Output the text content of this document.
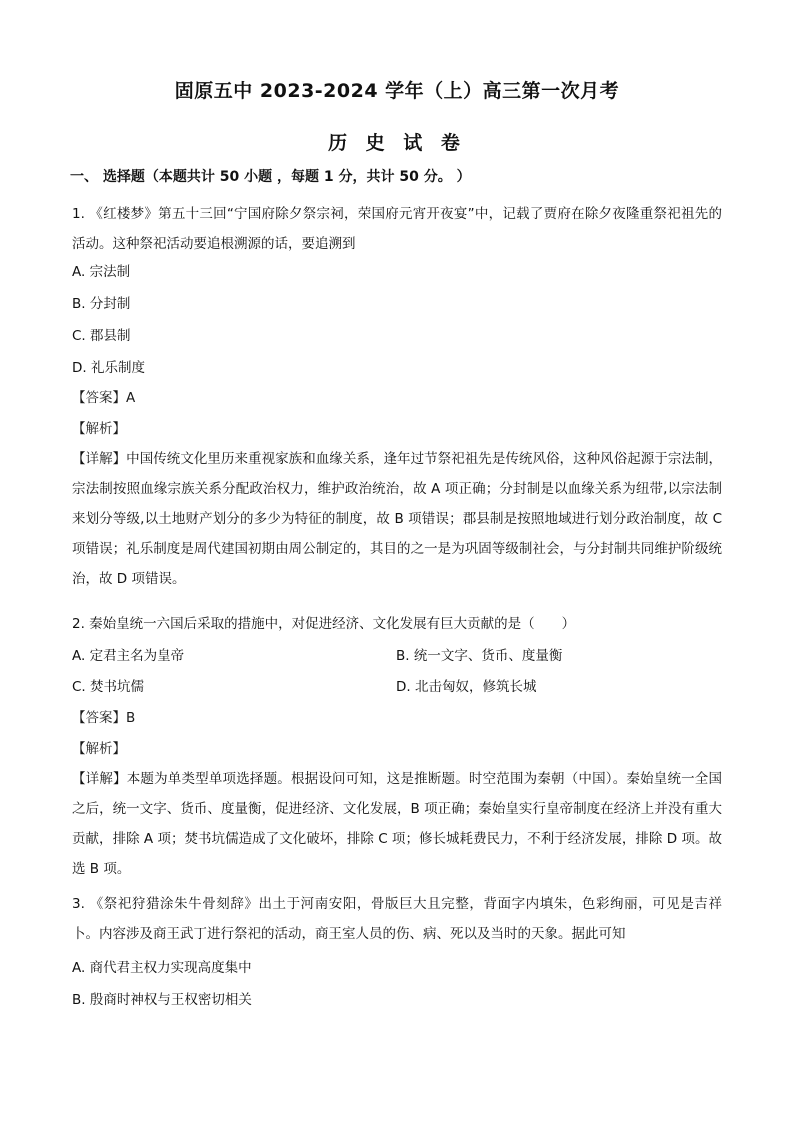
固原五中 2023-2024 学年（上）高三第一次月考
历 史 试 卷
一、 选择题（本题共计 50 小题 ，每题 1 分，共计 50 分。 ）
1. 《红楼梦》第五十三回“宁国府除夕祭宗祠，荣国府元宵开夜宴”中，记载了贾府在除夕夜隆重祭祀祖先的活动。这种祭祀活动要追根溯源的话，要追溯到
A. 宗法制
B. 分封制
C. 郡县制
D. 礼乐制度
【答案】A
【解析】
【详解】中国传统文化里历来重视家族和血缘关系，逢年过节祭祀祖先是传统风俗，这种风俗起源于宗法制，宗法制按照血缘宗族关系分配政治权力，维护政治统治，故 A 项正确；分封制是以血缘关系为纽带,以宗法制来划分等级,以土地财产划分的多少为特征的制度，故 B 项错误；郡县制是按照地域进行划分政治制度，故 C 项错误；礼乐制度是周代建国初期由周公制定的，其目的之一是为巩固等级制社会，与分封制共同维护阶级统治，故 D 项错误。
2. 秦始皇统一六国后采取的措施中，对促进经济、文化发展有巨大贡献的是（　　）
A. 定君主名为皇帝	B. 统一文字、货币、度量衡
C. 焚书坑儒	D. 北击匈奴，修筑长城
【答案】B
【解析】
【详解】本题为单类型单项选择题。根据设问可知，这是推断题。时空范围为秦朝（中国）。秦始皇统一全国之后，统一文字、货币、度量衡，促进经济、文化发展，B 项正确；秦始皇实行皇帝制度在经济上并没有重大贡献，排除 A 项；焚书坑儒造成了文化破坏，排除 C 项；修长城耗费民力，不利于经济发展，排除 D 项。故选 B 项。
3. 《祭祀狩猎涂朱牛骨刻辞》出土于河南安阳，骨版巨大且完整，背面字内填朱，色彩绚丽，可见是吉祥卜。内容涉及商王武丁进行祭祀的活动，商王室人员的伤、病、死以及当时的天象。据此可知
A. 商代君主权力实现高度集中
B. 殷商时神权与王权密切相关
